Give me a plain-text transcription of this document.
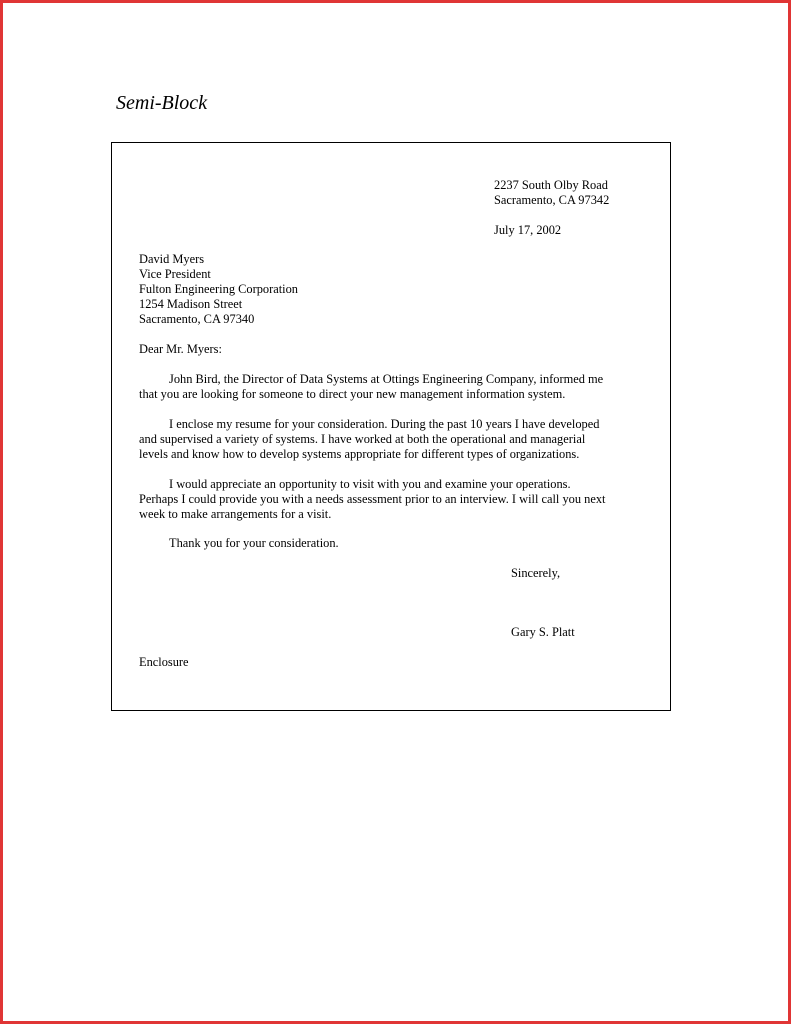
Semi-Block
2237 South Olby Road
Sacramento, CA 97342
July 17, 2002
David Myers
Vice President
Fulton Engineering Corporation
1254 Madison Street
Sacramento, CA 97340
Dear Mr. Myers:
John Bird, the Director of Data Systems at Ottings Engineering Company, informed me
that you are looking for someone to direct your new management information system.
I enclose my resume for your consideration. During the past 10 years I have developed
and supervised a variety of systems. I have worked at both the operational and managerial
levels and know how to develop systems appropriate for different types of organizations.
I would appreciate an opportunity to visit with you and examine your operations.
Perhaps I could provide you with a needs assessment prior to an interview. I will call you next
week to make arrangements for a visit.
Thank you for your consideration.
Sincerely,
Gary S. Platt
Enclosure
